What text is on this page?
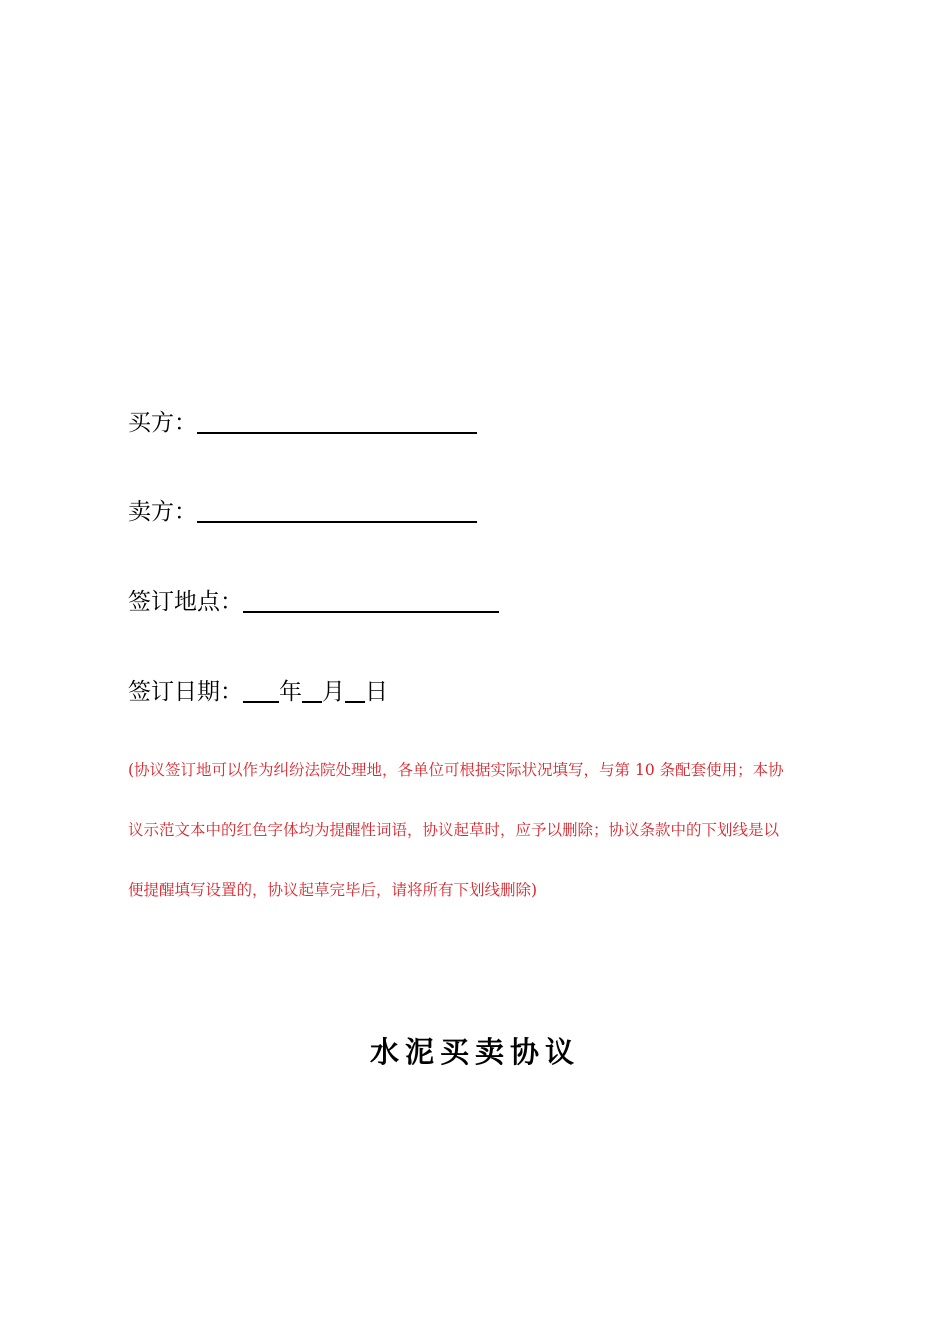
买方：
卖方：
签订地点：
签订日期： 年 月 日
(协议签订地可以作为纠纷法院处理地，各单位可根据实际状况填写，与第 10 条配套使用；本协
议示范文本中的红色字体均为提醒性词语，协议起草时，应予以删除；协议条款中的下划线是以
便提醒填写设置的，协议起草完毕后，请将所有下划线删除)
水泥买卖协议
